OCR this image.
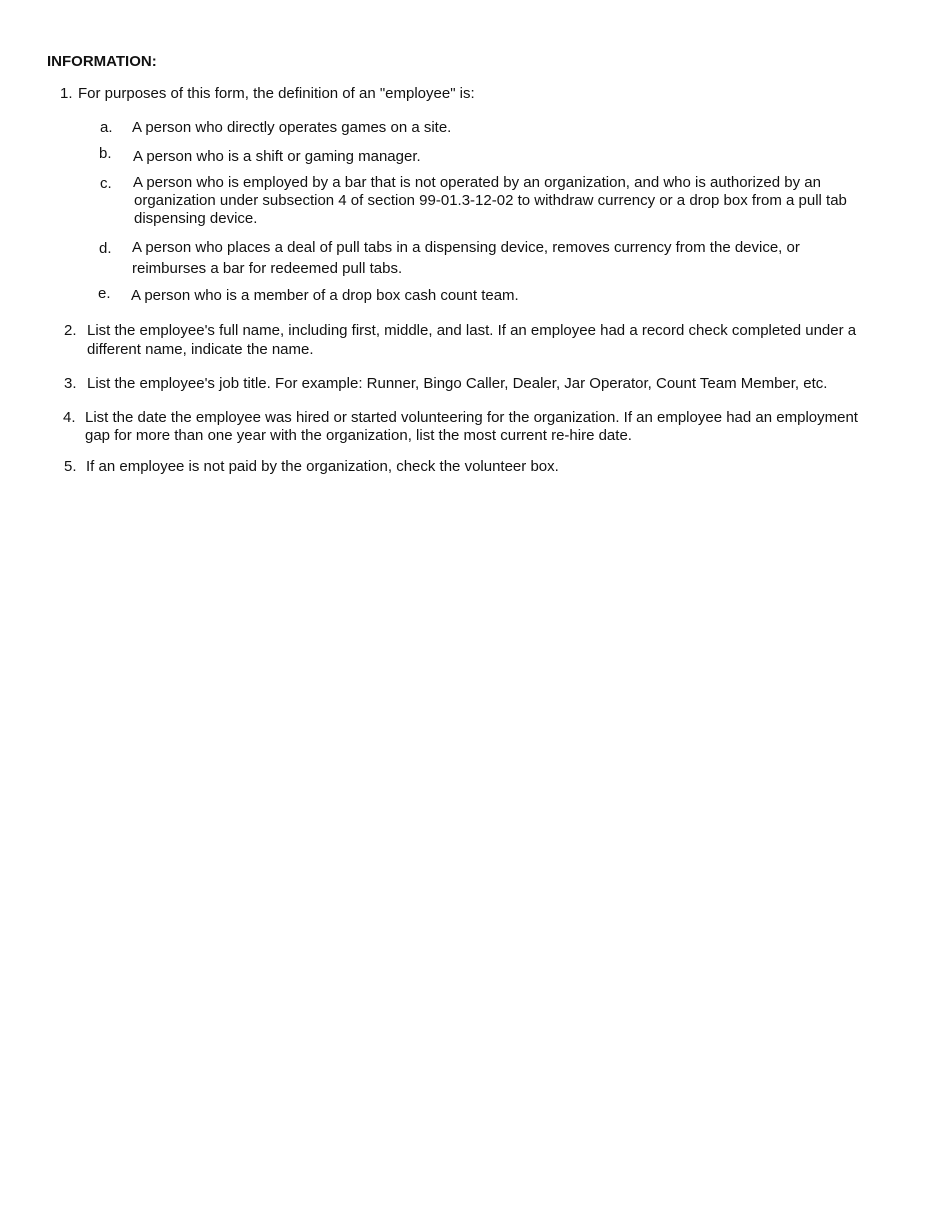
INFORMATION:
1. For purposes of this form, the definition of an "employee" is:
a. A person who directly operates games on a site.
b. A person who is a shift or gaming manager.
c. A person who is employed by a bar that is not operated by an organization, and who is authorized by an
organization under subsection 4 of section 99-01.3-12-02 to withdraw currency or a drop box from a pull tab
dispensing device.
d. A person who places a deal of pull tabs in a dispensing device, removes currency from the device, or
reimburses a bar for redeemed pull tabs.
e. A person who is a member of a drop box cash count team.
2. List the employee's full name, including first, middle, and last. If an employee had a record check completed under a
different name, indicate the name.
3. List the employee's job title. For example: Runner, Bingo Caller, Dealer, Jar Operator, Count Team Member, etc.
4. List the date the employee was hired or started volunteering for the organization. If an employee had an employment
gap for more than one year with the organization, list the most current re-hire date.
5. If an employee is not paid by the organization, check the volunteer box.
